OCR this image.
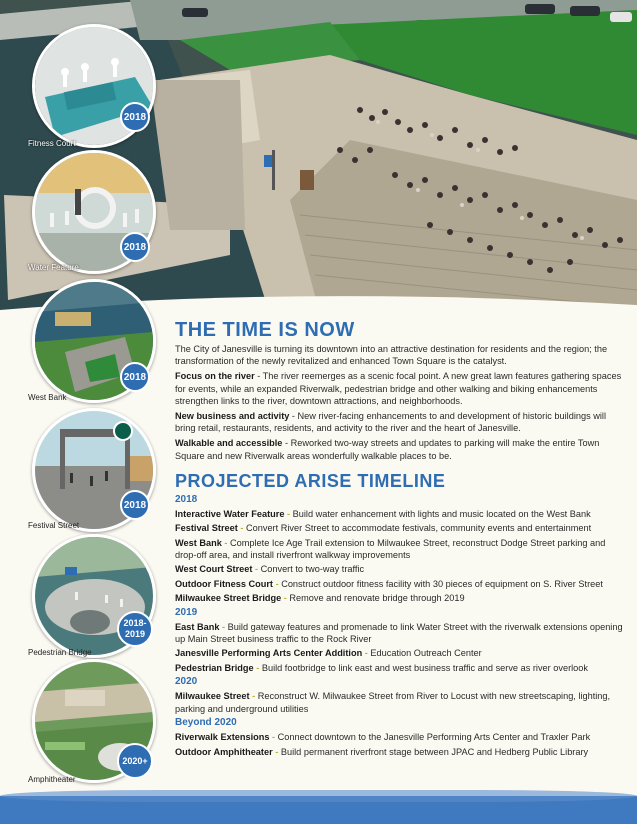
2018
Fitness Court
2018
Water Feature
2018
West Bank
2018
Festival Street
2018-2019
Pedestrian Bridge
2020+
Amphitheater
THE TIME IS NOW

The City of Janesville is turning its downtown into an attractive destination for residents and the region; the transformation of the newly revitalized and enhanced Town Square is the catalyst.

Focus on the river - The river reemerges as a scenic focal point. A new great lawn features gathering spaces for events, while an expanded Riverwalk, pedestrian bridge and other walking and biking enhancements strengthen links to the river, downtown attractions, and neighborhoods.

New business and activity - New river-facing enhancements to and development of historic buildings will bring retail, restaurants, residents, and activity to the river and the heart of Janesville.

Walkable and accessible - Reworked two-way streets and updates to parking will make the entire Town Square and new Riverwalk areas wonderfully walkable places to be.

PROJECTED ARISE TIMELINE
2018
Interactive Water Feature - Build water enhancement with lights and music located on the West Bank
Festival Street - Convert River Street to accommodate festivals, community events and entertainment
West Bank - Complete Ice Age Trail extension to Milwaukee Street, reconstruct Dodge Street parking and drop-off area, and install riverfront walkway improvements
West Court Street - Convert to two-way traffic
Outdoor Fitness Court - Construct outdoor fitness facility with 30 pieces of equipment on S. River Street
Milwaukee Street Bridge - Remove and renovate bridge through 2019
2019
East Bank - Build gateway features and promenade to link Water Street with the riverwalk extensions opening up Main Street business traffic to the Rock River
Janesville Performing Arts Center Addition - Education Outreach Center
Pedestrian Bridge - Build footbridge to link east and west business traffic and serve as river overlook
2020
Milwaukee Street - Reconstruct W. Milwaukee Street from River to Locust with new streetscaping, lighting, parking and underground utilities
Beyond 2020
Riverwalk Extensions - Connect downtown to the Janesville Performing Arts Center and Traxler Park
Outdoor Amphitheater - Build permanent riverfront stage between JPAC and Hedberg Public Library
